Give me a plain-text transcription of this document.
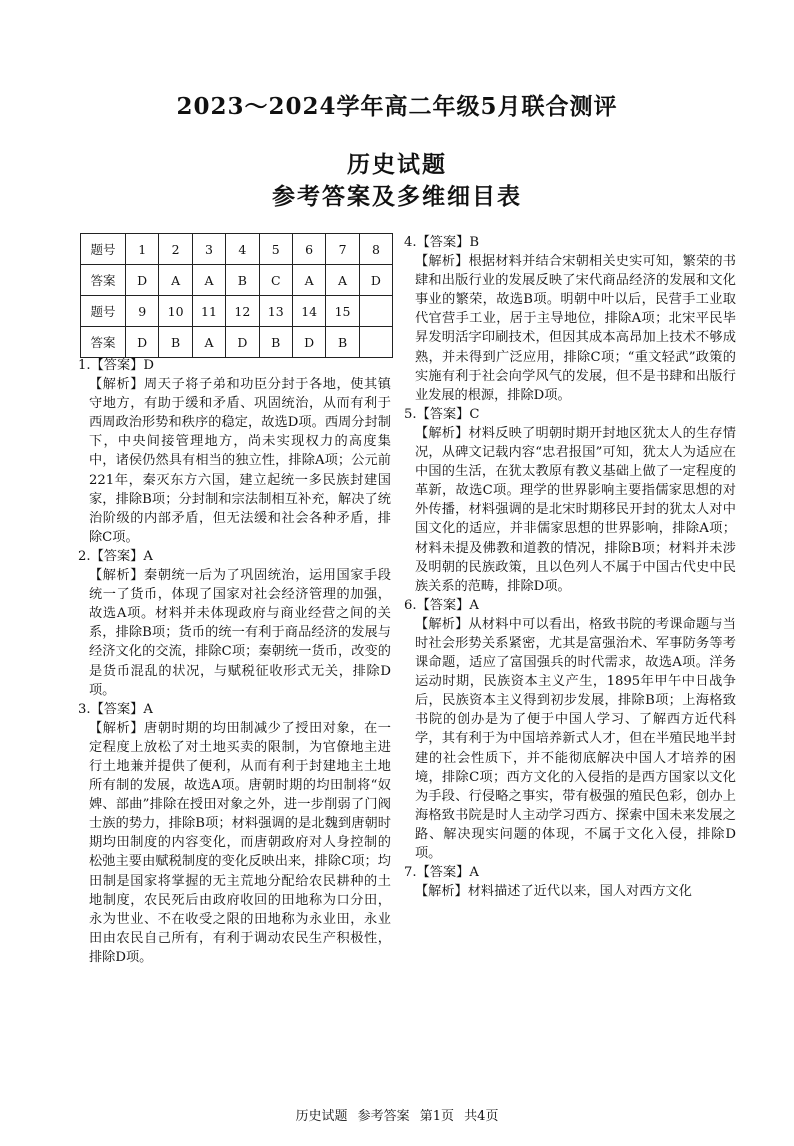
2023～2024学年高二年级5月联合测评
历史试题
参考答案及多维细目表
题号	1	2	3	4	5	6	7	8
答案	D	A	A	B	C	A	A	D
题号	9	10	11	12	13	14	15	
答案	D	B	A	D	B	D	B	

1.【答案】D

【解析】周天子将子弟和功臣分封于各地，使其镇守地方，有助于缓和矛盾、巩固统治，从而有利于西周政治形势和秩序的稳定，故选D项。西周分封制下，中央间接管理地方，尚未实现权力的高度集中，诸侯仍然具有相当的独立性，排除A项；公元前221年，秦灭东方六国，建立起统一多民族封建国家，排除B项；分封制和宗法制相互补充，解决了统治阶级的内部矛盾，但无法缓和社会各种矛盾，排除C项。

2.【答案】A

【解析】秦朝统一后为了巩固统治，运用国家手段统一了货币，体现了国家对社会经济管理的加强，故选A项。材料并未体现政府与商业经营之间的关系，排除B项；货币的统一有利于商品经济的发展与经济文化的交流，排除C项；秦朝统一货币，改变的是货币混乱的状况，与赋税征收形式无关，排除D项。

3.【答案】A

【解析】唐朝时期的均田制减少了授田对象，在一定程度上放松了对土地买卖的限制，为官僚地主进行土地兼并提供了便利，从而有利于封建地主土地所有制的发展，故选A项。唐朝时期的均田制将“奴婢、部曲”排除在授田对象之外，进一步削弱了门阀士族的势力，排除B项；材料强调的是北魏到唐朝时期均田制度的内容变化，而唐朝政府对人身控制的松弛主要由赋税制度的变化反映出来，排除C项；均田制是国家将掌握的无主荒地分配给农民耕种的土地制度，农民死后由政府收回的田地称为口分田，永为世业、不在收受之限的田地称为永业田，永业田由农民自己所有，有利于调动农民生产积极性，排除D项。

4.【答案】B

【解析】根据材料并结合宋朝相关史实可知，繁荣的书肆和出版行业的发展反映了宋代商品经济的发展和文化事业的繁荣，故选B项。明朝中叶以后，民营手工业取代官营手工业，居于主导地位，排除A项；北宋平民毕昇发明活字印刷技术，但因其成本高昂加上技术不够成熟，并未得到广泛应用，排除C项；“重文轻武”政策的实施有利于社会向学风气的发展，但不是书肆和出版行业发展的根源，排除D项。

5.【答案】C

【解析】材料反映了明朝时期开封地区犹太人的生存情况，从碑文记载内容“忠君报国”可知，犹太人为适应在中国的生活，在犹太教原有教义基础上做了一定程度的革新，故选C项。理学的世界影响主要指儒家思想的对外传播，材料强调的是北宋时期移民开封的犹太人对中国文化的适应，并非儒家思想的世界影响，排除A项；材料未提及佛教和道教的情况，排除B项；材料并未涉及明朝的民族政策，且以色列人不属于中国古代史中民族关系的范畴，排除D项。

6.【答案】A

【解析】从材料中可以看出，格致书院的考课命题与当时社会形势关系紧密，尤其是富强治术、军事防务等考课命题，适应了富国强兵的时代需求，故选A项。洋务运动时期，民族资本主义产生，1895年甲午中日战争后，民族资本主义得到初步发展，排除B项；上海格致书院的创办是为了便于中国人学习、了解西方近代科学，其有利于为中国培养新式人才，但在半殖民地半封建的社会性质下，并不能彻底解决中国人才培养的困境，排除C项；西方文化的入侵指的是西方国家以文化为手段、行侵略之事实，带有极强的殖民色彩，创办上海格致书院是时人主动学习西方、探索中国未来发展之路、解决现实问题的体现，不属于文化入侵，排除D项。

7.【答案】A

【解析】材料描述了近代以来，国人对西方文化

历史试题 参考答案 第1页 共4页
